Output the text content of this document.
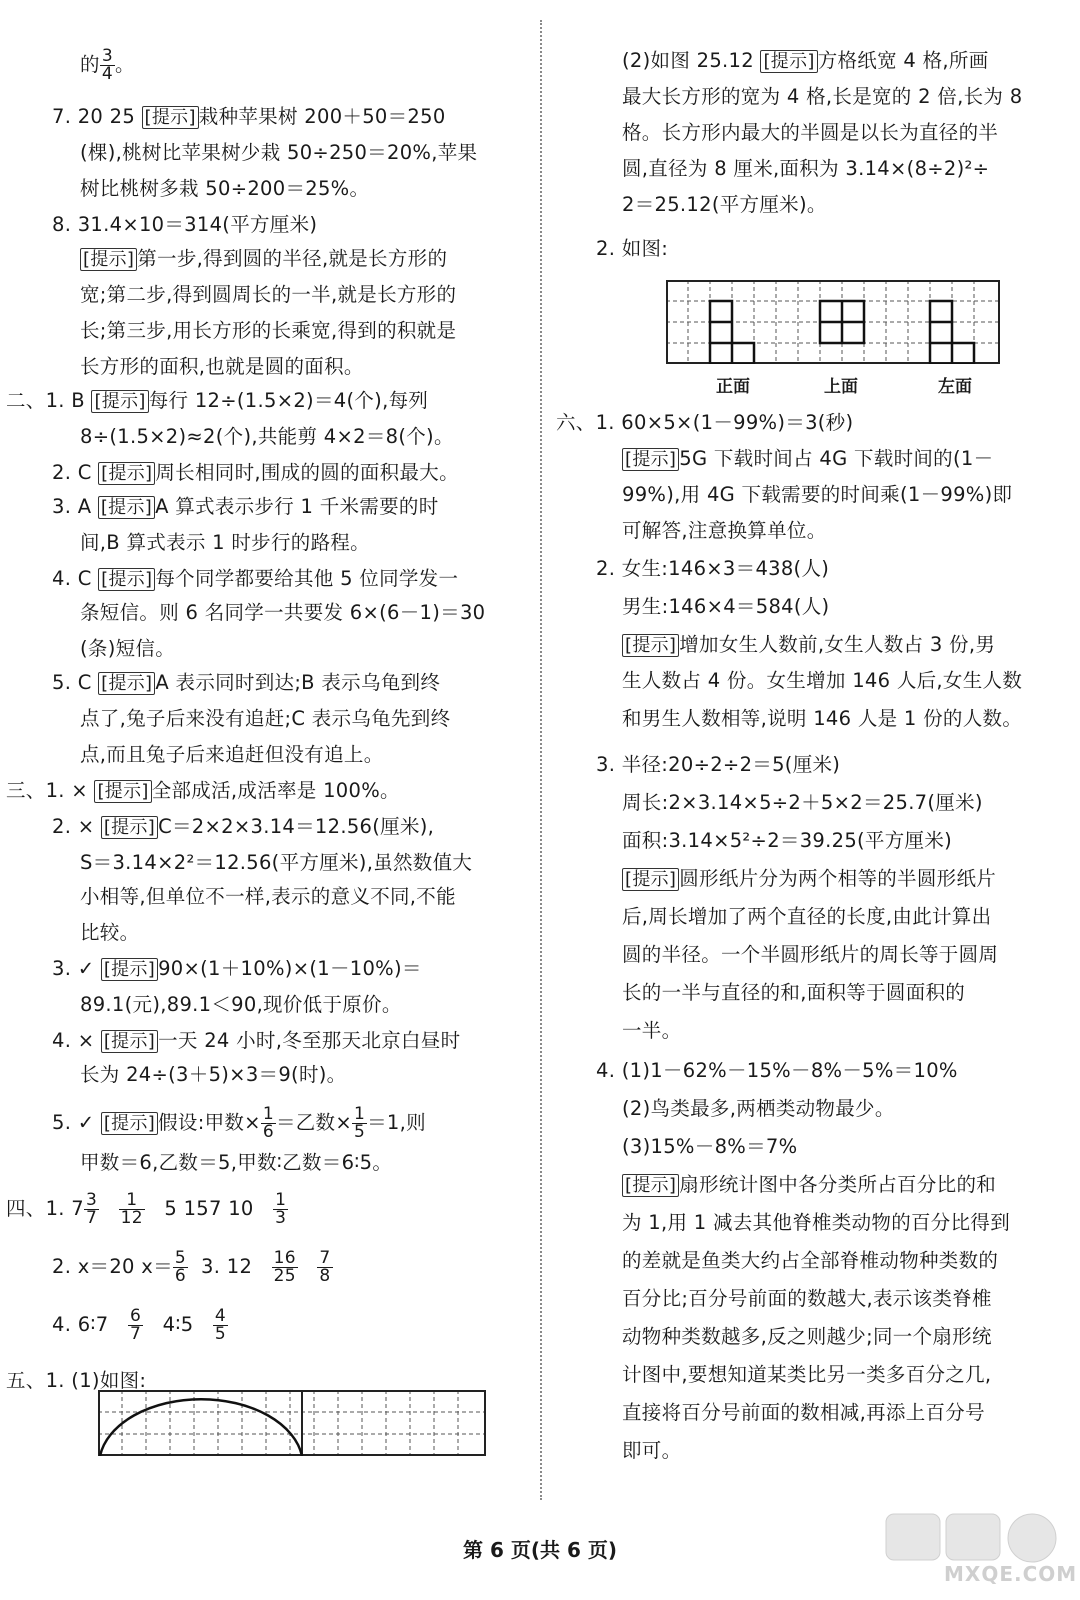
的 $\frac{3}{4}$ 。
7. 20 25 [提示] 栽种苹果树 200＋50＝250
(棵),桃树比苹果树少栽 50÷250＝20%,苹果
树比桃树多栽 50÷200＝25%。
8. 31.4×10＝314(平方厘米)
[提示] 第一步,得到圆的半径,就是长方形的
宽;第二步,得到圆周长的一半,就是长方形的
长;第三步,用长方形的长乘宽,得到的积就是
长方形的面积,也就是圆的面积。
二、1. B [提示] 每行 12÷(1.5×2)＝4(个),每列
8÷(1.5×2)≈2(个),共能剪 4×2＝8(个)。
2. C [提示] 周长相同时,围成的圆的面积最大。
3. A [提示] A 算式表示步行 1 千米需要的时
间,B 算式表示 1 时步行的路程。
4. C [提示] 每个同学都要给其他 5 位同学发一
条短信。则 6 名同学一共要发 6×(6－1)＝30
(条)短信。
5. C [提示] A 表示同时到达;B 表示乌龟到终
点了,兔子后来没有追赶;C 表示乌龟先到终
点,而且兔子后来追赶但没有追上。
三、1. × [提示] 全部成活,成活率是 100%。
2. × [提示] C＝2×2×3.14＝12.56(厘米),
S＝3.14×2²＝12.56(平方厘米),虽然数值大
小相等,但单位不一样,表示的意义不同,不能
比较。
3. ✓ [提示] 90×(1＋10%)×(1－10%)＝
89.1(元),89.1＜90,现价低于原价。
4. × [提示] 一天 24 小时,冬至那天北京白昼时
长为 24÷(3＋5)×3＝9(时)。
5. ✓ [提示] 假设:甲数× $\frac{1}{6}$ ＝乙数× $\frac{1}{5} =1$,则
甲数＝6,乙数＝5,甲数∶乙数＝6∶5。
四、1. $7 \frac{3}{7}$
$\frac{1}{12} 5$ 157 $10 \frac{1}{3}$
2. x＝20 $x= \frac{5}{6} 3$. $12 \frac{16}{25}$
$\frac{7}{8}$
4. 6∶7 $\frac{6}{7}$ 4∶5 $\frac{4}{5}$
五、1. (1)如图:
(2)如图 25.12 [提示] 方格纸宽 4 格,所画
最大长方形的宽为 4 格,长是宽的 2 倍,长为 8
格。长方形内最大的半圆是以长为直径的半
圆,直径为 8 厘米,面积为 3.14×(8÷2)²÷
2＝25.12(平方厘米)。
2. 如图:
六、1. 60×5×(1－99%)＝3(秒)
[提示] 5G 下载时间占 4G 下载时间的(1－
99%),用 4G 下载需要的时间乘(1－99%)即
可解答,注意换算单位。
2. 女生:146×3＝438(人)
男生:146×4＝584(人)
[提示] 增加女生人数前,女生人数占 3 份,男
生人数占 4 份。女生增加 146 人后,女生人数
和男生人数相等,说明 146 人是 1 份的人数。
3. 半径:20÷2÷2＝5(厘米)
周长:2×3.14×5÷2＋5×2＝25.7(厘米)
面积:3.14×5²÷2＝39.25(平方厘米)
[提示] 圆形纸片分为两个相等的半圆形纸片
后,周长增加了两个直径的长度,由此计算出
圆的半径。一个半圆形纸片的周长等于圆周
长的一半与直径的和,面积等于圆面积的
一半。
4. (1)1－62%－15%－8%－5%＝10%
(2)鸟类最多,两栖类动物最少。
(3)15%－8%＝7%
[提示] 扇形统计图中各分类所占百分比的和
为 1,用 1 减去其他脊椎类动物的百分比得到
的差就是鱼类大约占全部脊椎动物种类数的
百分比;百分号前面的数越大,表示该类脊椎
动物种类数越多,反之则越少;同一个扇形统
计图中,要想知道某类比另一类多百分之几,
直接将百分号前面的数相减,再添上百分号
即可。
正面	上面	左面
第 6 页(共 6 页)
MXQE.COM
